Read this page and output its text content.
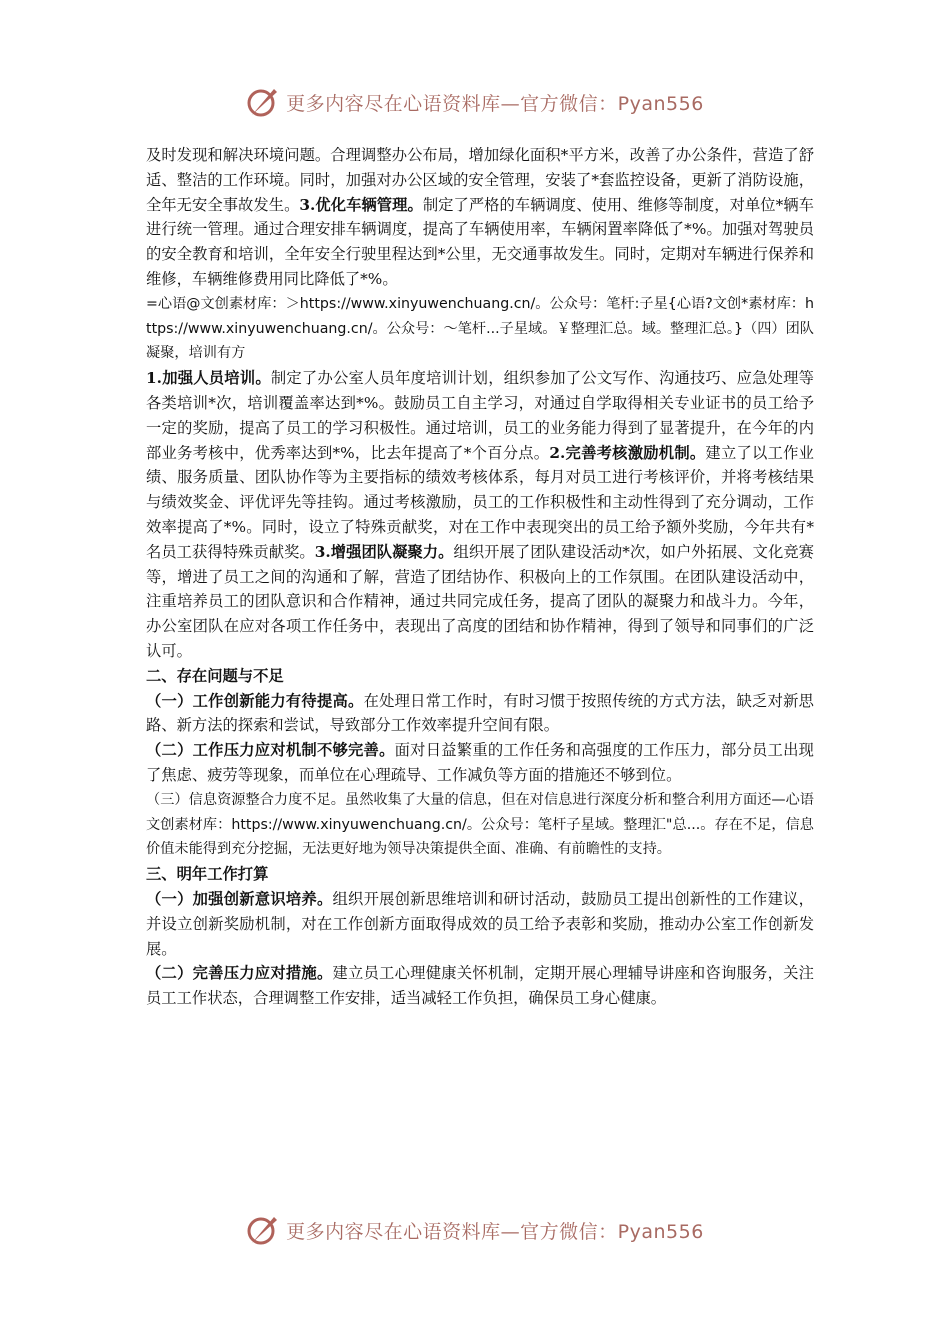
更多内容尽在心语资料库—官方微信：Pyan556

及时发现和解决环境问题。合理调整办公布局，增加绿化面积*平方米，改善了办公条件，营造了舒适、整洁的工作环境。同时，加强对办公区域的安全管理，安装了*套监控设备，更新了消防设施，全年无安全事故发生。3.优化车辆管理。制定了严格的车辆调度、使用、维修等制度，对单位*辆车进行统一管理。通过合理安排车辆调度，提高了车辆使用率，车辆闲置率降低了*%。加强对驾驶员的安全教育和培训，全年安全行驶里程达到*公里，无交通事故发生。同时，定期对车辆进行保养和维修，车辆维修费用同比降低了*%。

=心语@文创素材库：＞https://www.xinyuwenchuang.cn/。公众号：笔杆:子星{心语?文创*素材库：https://www.xinyuwenchuang.cn/。公众号：～笔杆...子星域。￥整理汇总。域。整理汇总。}（四）团队凝聚，培训有方

1.加强人员培训。制定了办公室人员年度培训计划，组织参加了公文写作、沟通技巧、应急处理等各类培训*次，培训覆盖率达到*%。鼓励员工自主学习，对通过自学取得相关专业证书的员工给予一定的奖励，提高了员工的学习积极性。通过培训，员工的业务能力得到了显著提升，在今年的内部业务考核中，优秀率达到*%，比去年提高了*个百分点。2.完善考核激励机制。建立了以工作业绩、服务质量、团队协作等为主要指标的绩效考核体系，每月对员工进行考核评价，并将考核结果与绩效奖金、评优评先等挂钩。通过考核激励，员工的工作积极性和主动性得到了充分调动，工作效率提高了*%。同时，设立了特殊贡献奖，对在工作中表现突出的员工给予额外奖励，今年共有*名员工获得特殊贡献奖。3.增强团队凝聚力。组织开展了团队建设活动*次，如户外拓展、文化竞赛等，增进了员工之间的沟通和了解，营造了团结协作、积极向上的工作氛围。在团队建设活动中，注重培养员工的团队意识和合作精神，通过共同完成任务，提高了团队的凝聚力和战斗力。今年，办公室团队在应对各项工作任务中，表现出了高度的团结和协作精神，得到了领导和同事们的广泛认可。

二、存在问题与不足

（一）工作创新能力有待提高。在处理日常工作时，有时习惯于按照传统的方式方法，缺乏对新思路、新方法的探索和尝试，导致部分工作效率提升空间有限。

（二）工作压力应对机制不够完善。面对日益繁重的工作任务和高强度的工作压力，部分员工出现了焦虑、疲劳等现象，而单位在心理疏导、工作减负等方面的措施还不够到位。

（三）信息资源整合力度不足。虽然收集了大量的信息，但在对信息进行深度分析和整合利用方面还—心语文创素材库：https://www.xinyuwenchuang.cn/。公众号：笔杆子星域。整理汇"总...。存在不足，信息价值未能得到充分挖掘，无法更好地为领导决策提供全面、准确、有前瞻性的支持。

三、明年工作打算

（一）加强创新意识培养。组织开展创新思维培训和研讨活动，鼓励员工提出创新性的工作建议，并设立创新奖励机制，对在工作创新方面取得成效的员工给予表彰和奖励，推动办公室工作创新发展。

（二）完善压力应对措施。建立员工心理健康关怀机制，定期开展心理辅导讲座和咨询服务，关注员工工作状态，合理调整工作安排，适当减轻工作负担，确保员工身心健康。

更多内容尽在心语资料库—官方微信：Pyan556
